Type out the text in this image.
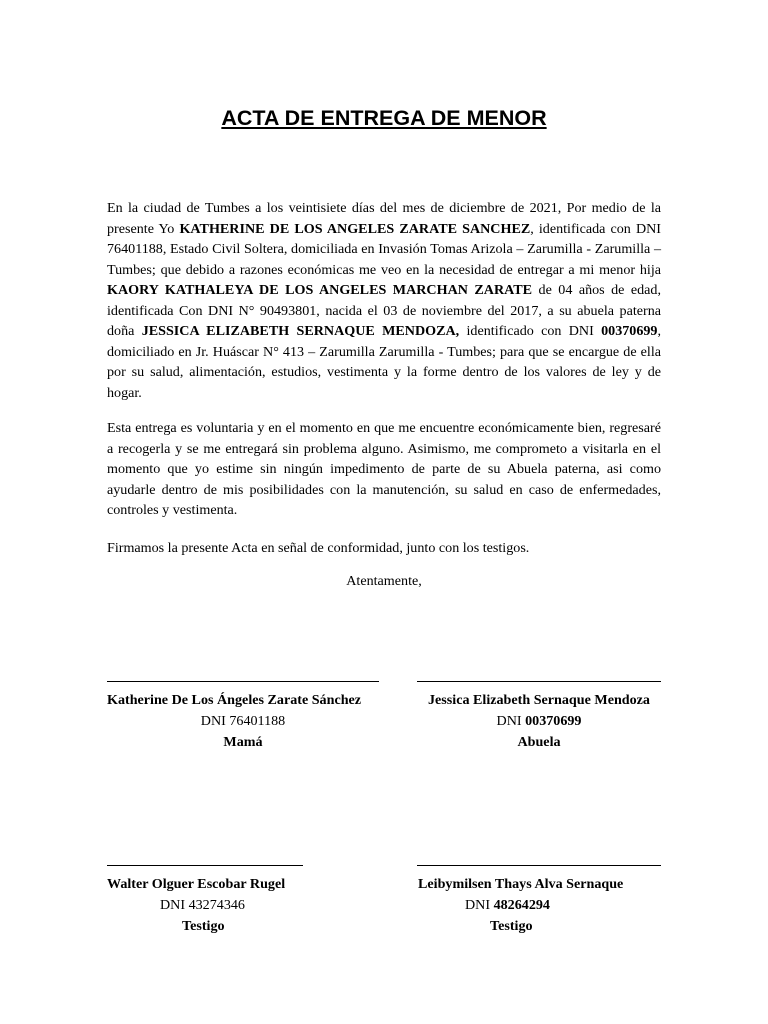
ACTA DE ENTREGA DE MENOR

En la ciudad de Tumbes a los veintisiete días del mes de diciembre de 2021, Por medio de la presente Yo KATHERINE DE LOS ANGELES ZARATE SANCHEZ, identificada con DNI 76401188, Estado Civil Soltera, domiciliada en Invasión Tomas Arizola – Zarumilla - Zarumilla – Tumbes; que debido a razones económicas me veo en la necesidad de entregar a mi menor hija KAORY KATHALEYA DE LOS ANGELES MARCHAN ZARATE de 04 años de edad, identificada Con DNI N° 90493801, nacida el 03 de noviembre del 2017, a su abuela paterna doña JESSICA ELIZABETH SERNAQUE MENDOZA, identificado con DNI 00370699, domiciliado en Jr. Huáscar N° 413 – Zarumilla Zarumilla - Tumbes; para que se encargue de ella por su salud, alimentación, estudios, vestimenta y la forme dentro de los valores de ley y de hogar.

Esta entrega es voluntaria y en el momento en que me encuentre económicamente bien, regresaré a recogerla y se me entregará sin problema alguno. Asimismo, me comprometo a visitarla en el momento que yo estime sin ningún impedimento de parte de su Abuela paterna, asi como ayudarle dentro de mis posibilidades con la manutención, su salud en caso de enfermedades, controles y vestimenta.

Firmamos la presente Acta en señal de conformidad, junto con los testigos.

Atentamente,
Katherine De Los Ángeles Zarate Sánchez
DNI 76401188
Mamá
Jessica Elizabeth Sernaque Mendoza
DNI 00370699
Abuela
Walter Olguer Escobar Rugel
DNI 43274346
Testigo
Leibymilsen Thays Alva Sernaque
DNI 48264294
Testigo
